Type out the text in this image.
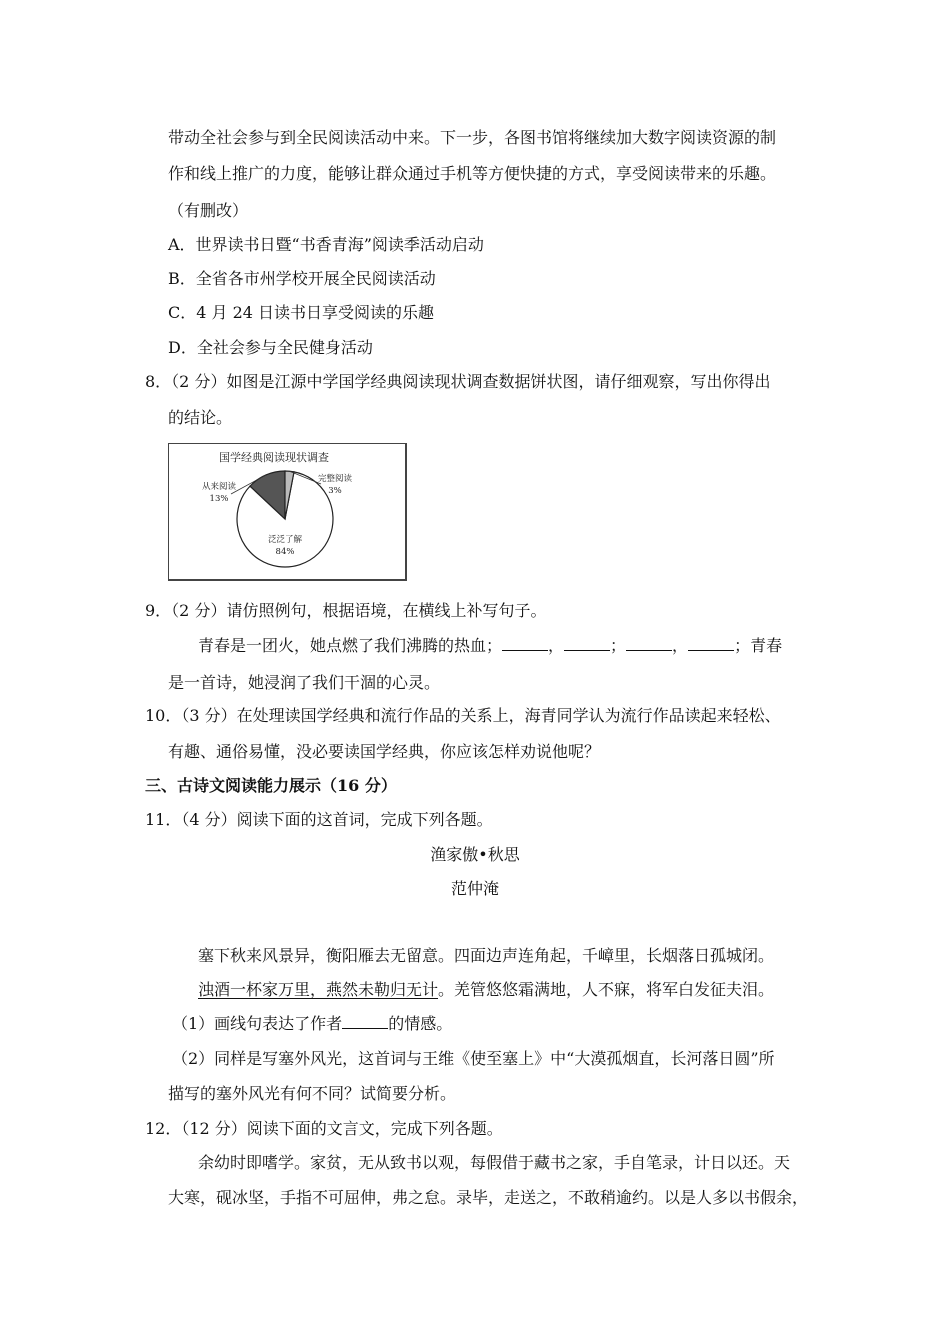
带动全社会参与到全民阅读活动中来。下一步，各图书馆将继续加大数字阅读资源的制
作和线上推广的力度，能够让群众通过手机等方便快捷的方式，享受阅读带来的乐趣。
（有删改）
A．世界读书日暨“书香青海”阅读季活动启动
B．全省各市州学校开展全民阅读活动
C．4 月 24 日读书日享受阅读的乐趣
D．全社会参与全民健身活动
8．（2 分）如图是江源中学国学经典阅读现状调查数据饼状图，请仔细观察，写出你得出
的结论。
国学经典阅读现状调查
从来阅读
13%
完整阅读
3%
泛泛了解
84%
9．（2 分）请仿照例句，根据语境，在横线上补写句子。
青春是一团火，她点燃了我们沸腾的热血；	，	；	，	；青春
是一首诗，她浸润了我们干涸的心灵。
10．（3 分）在处理读国学经典和流行作品的关系上，海青同学认为流行作品读起来轻松、
有趣、通俗易懂，没必要读国学经典，你应该怎样劝说他呢？
三、古诗文阅读能力展示（16 分）
11．（4 分）阅读下面的这首词，完成下列各题。
渔家傲•秋思
范仲淹
塞下秋来风景异，衡阳雁去无留意。四面边声连角起，千嶂里，长烟落日孤城闭。
浊酒一杯家万里，燕然未勒归无计。羌管悠悠霜满地，人不寐，将军白发征夫泪。
（1）画线句表达了作者	的情感。
（2）同样是写塞外风光，这首词与王维《使至塞上》中“大漠孤烟直，长河落日圆”所
描写的塞外风光有何不同？试简要分析。
12．（12 分）阅读下面的文言文，完成下列各题。
余幼时即嗜学。家贫，无从致书以观，每假借于藏书之家，手自笔录，计日以还。天
大寒，砚冰坚，手指不可屈伸，弗之怠。录毕，走送之，不敢稍逾约。以是人多以书假余，
